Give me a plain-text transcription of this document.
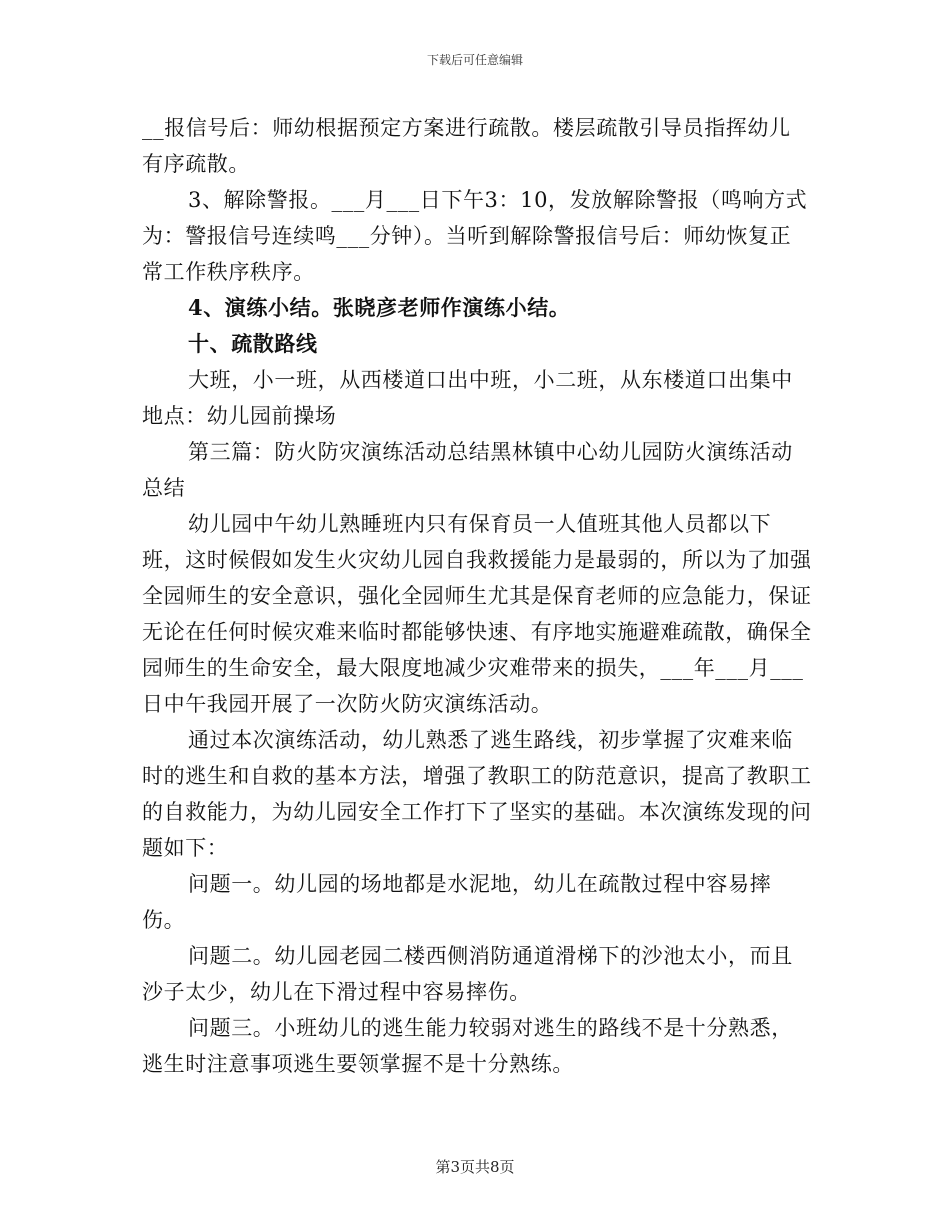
下载后可任意编辑

__报信号后：师幼根据预定方案进行疏散。楼层疏散引导员指挥幼儿有序疏散。

3、解除警报。___月___日下午3：10，发放解除警报（鸣响方式为：警报信号连续鸣___分钟）。当听到解除警报信号后：师幼恢复正常工作秩序秩序。

4、演练小结。张晓彦老师作演练小结。

十、疏散路线

大班，小一班，从西楼道口出中班，小二班，从东楼道口出集中地点：幼儿园前操场

第三篇：防火防灾演练活动总结黑林镇中心幼儿园防火演练活动总结

幼儿园中午幼儿熟睡班内只有保育员一人值班其他人员都以下班，这时候假如发生火灾幼儿园自我救援能力是最弱的，所以为了加强全园师生的安全意识，强化全园师生尤其是保育老师的应急能力，保证无论在任何时候灾难来临时都能够快速、有序地实施避难疏散，确保全园师生的生命安全，最大限度地减少灾难带来的损失，___年___月___日中午我园开展了一次防火防灾演练活动。

通过本次演练活动，幼儿熟悉了逃生路线，初步掌握了灾难来临时的逃生和自救的基本方法，增强了教职工的防范意识，提高了教职工的自救能力，为幼儿园安全工作打下了坚实的基础。本次演练发现的问题如下：

问题一。幼儿园的场地都是水泥地，幼儿在疏散过程中容易摔伤。

问题二。幼儿园老园二楼西侧消防通道滑梯下的沙池太小，而且沙子太少，幼儿在下滑过程中容易摔伤。

问题三。小班幼儿的逃生能力较弱对逃生的路线不是十分熟悉，逃生时注意事项逃生要领掌握不是十分熟练。

第3页共8页
